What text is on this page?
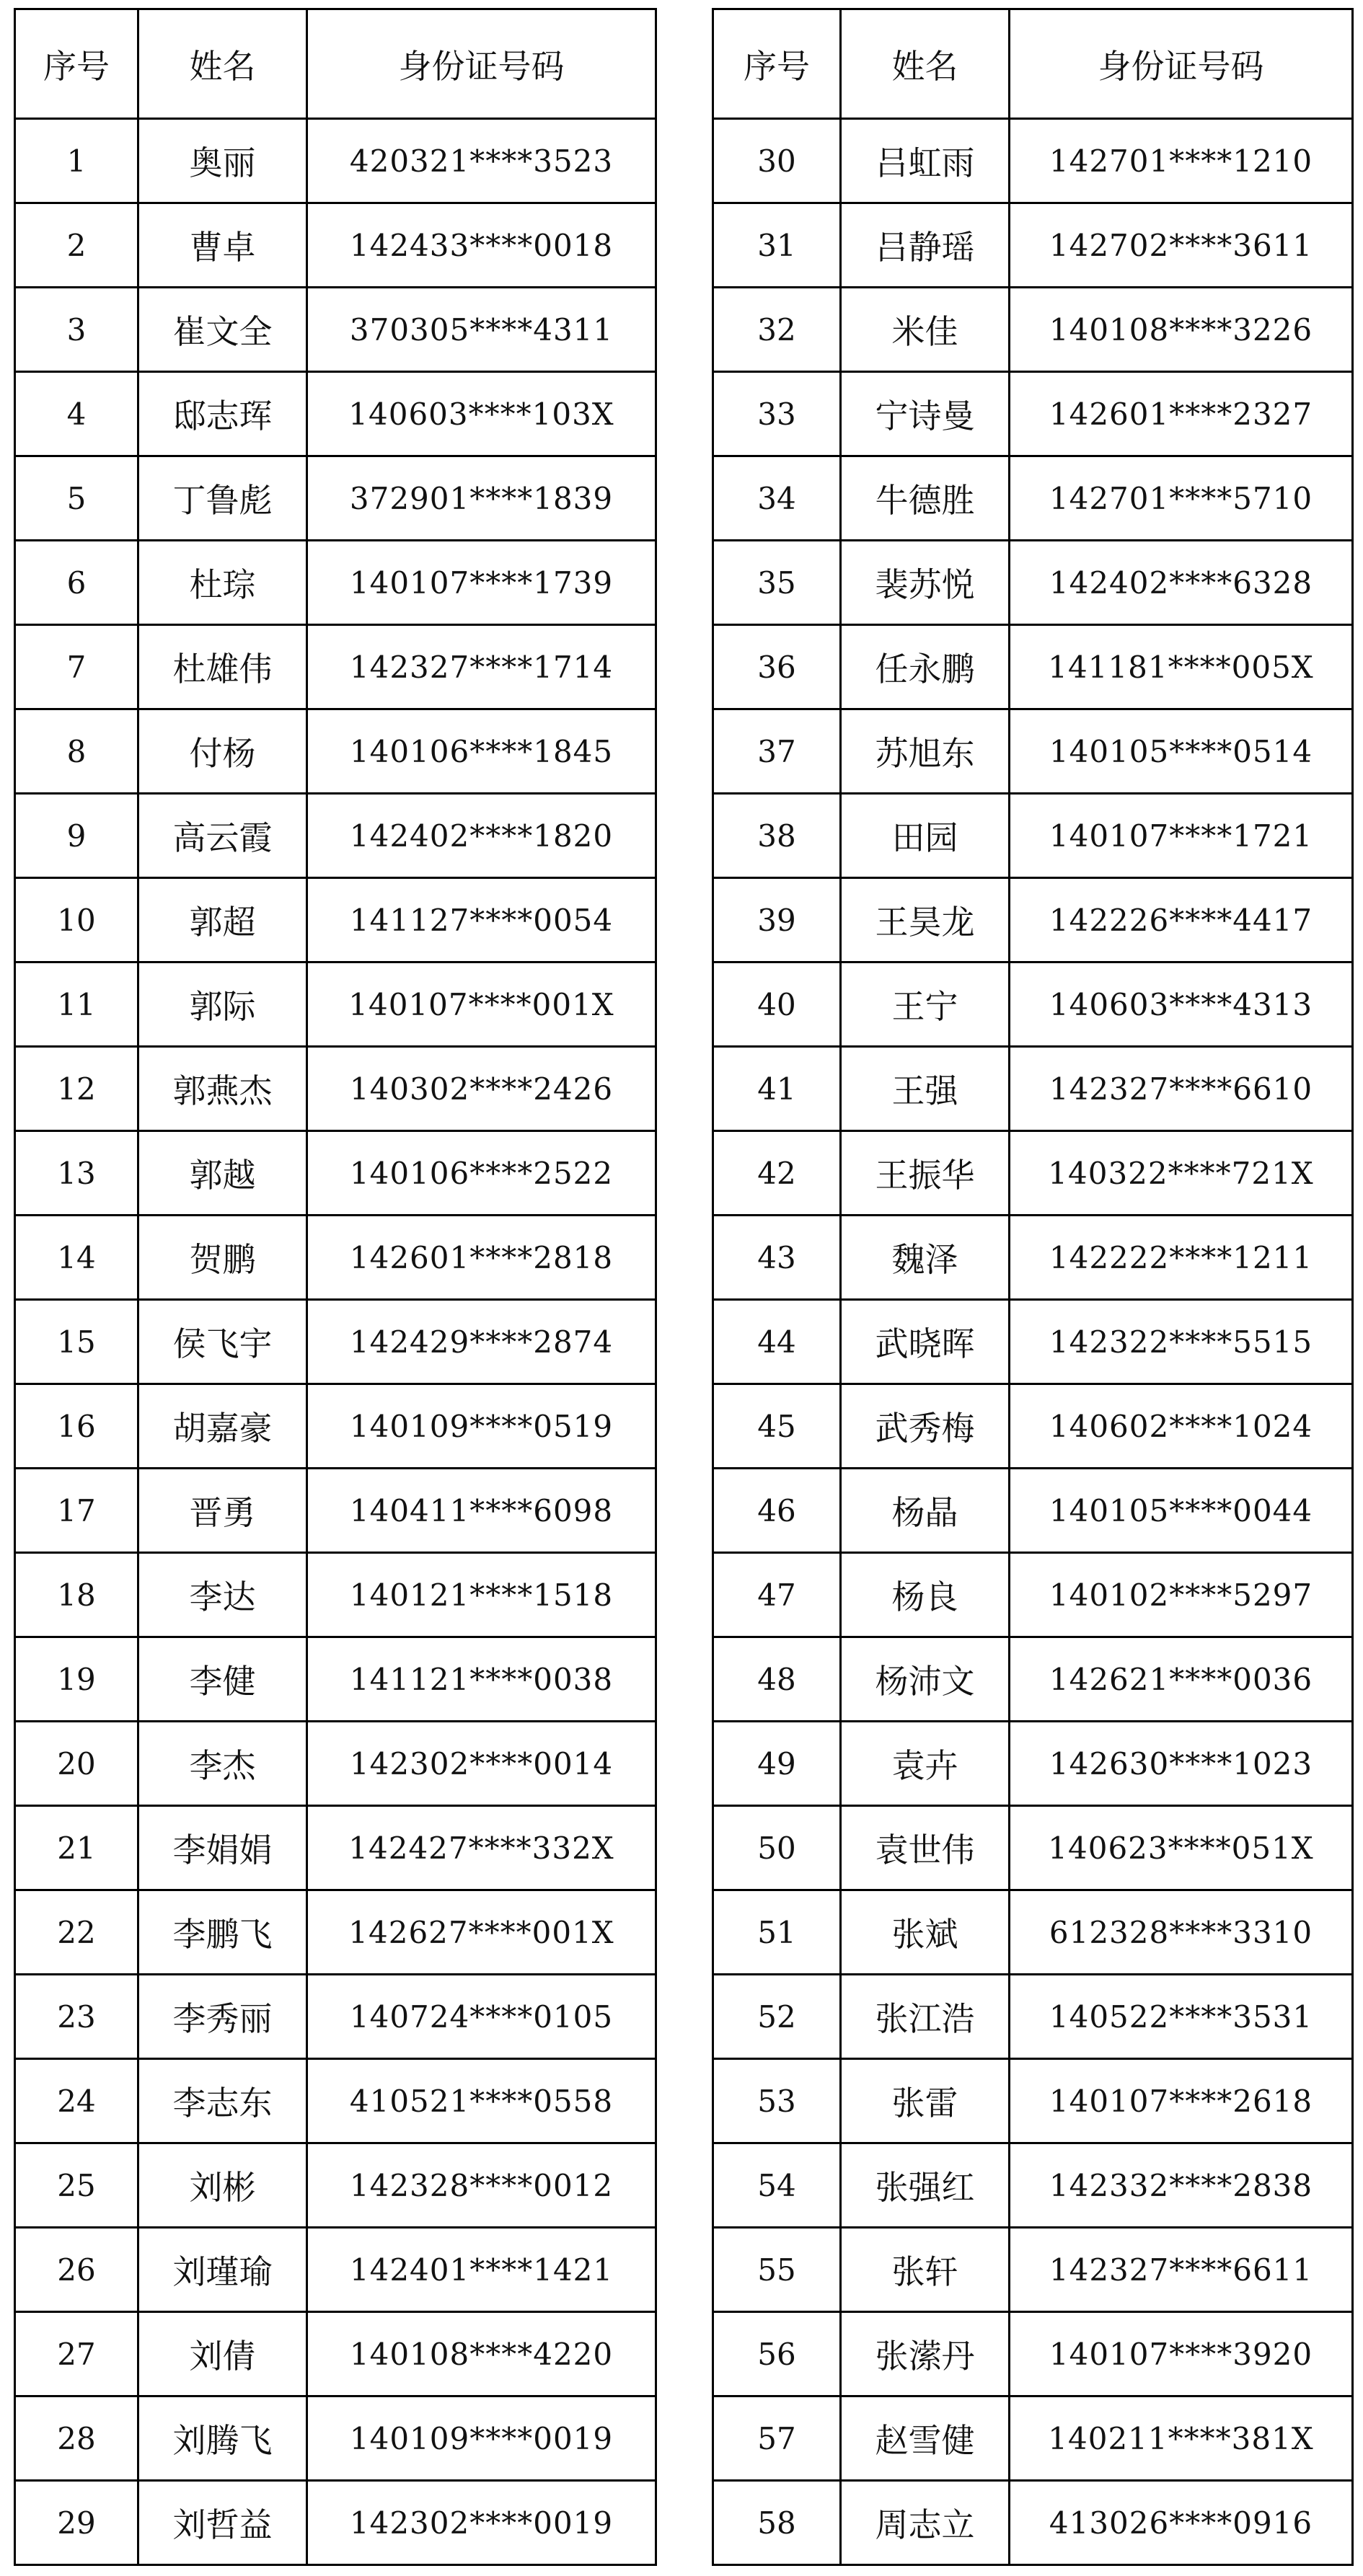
序号	姓名	身份证号码
1	奥丽	420321****3523
2	曹卓	142433****0018
3	崔文全	370305****4311
4	邸志珲	140603****103X
5	丁鲁彪	372901****1839
6	杜琮	140107****1739
7	杜雄伟	142327****1714
8	付杨	140106****1845
9	高云霞	142402****1820
10	郭超	141127****0054
11	郭际	140107****001X
12	郭燕杰	140302****2426
13	郭越	140106****2522
14	贺鹏	142601****2818
15	侯飞宇	142429****2874
16	胡嘉豪	140109****0519
17	晋勇	140411****6098
18	李达	140121****1518
19	李健	141121****0038
20	李杰	142302****0014
21	李娟娟	142427****332X
22	李鹏飞	142627****001X
23	李秀丽	140724****0105
24	李志东	410521****0558
25	刘彬	142328****0012
26	刘瑾瑜	142401****1421
27	刘倩	140108****4220
28	刘腾飞	140109****0019
29	刘哲益	142302****0019
序号	姓名	身份证号码
30	吕虹雨	142701****1210
31	吕静瑶	142702****3611
32	米佳	140108****3226
33	宁诗曼	142601****2327
34	牛德胜	142701****5710
35	裴苏悦	142402****6328
36	任永鹏	141181****005X
37	苏旭东	140105****0514
38	田园	140107****1721
39	王昊龙	142226****4417
40	王宁	140603****4313
41	王强	142327****6610
42	王振华	140322****721X
43	魏泽	142222****1211
44	武晓晖	142322****5515
45	武秀梅	140602****1024
46	杨晶	140105****0044
47	杨良	140102****5297
48	杨沛文	142621****0036
49	袁卉	142630****1023
50	袁世伟	140623****051X
51	张斌	612328****3310
52	张江浩	140522****3531
53	张雷	140107****2618
54	张强红	142332****2838
55	张轩	142327****6611
56	张潆丹	140107****3920
57	赵雪健	140211****381X
58	周志立	413026****0916
